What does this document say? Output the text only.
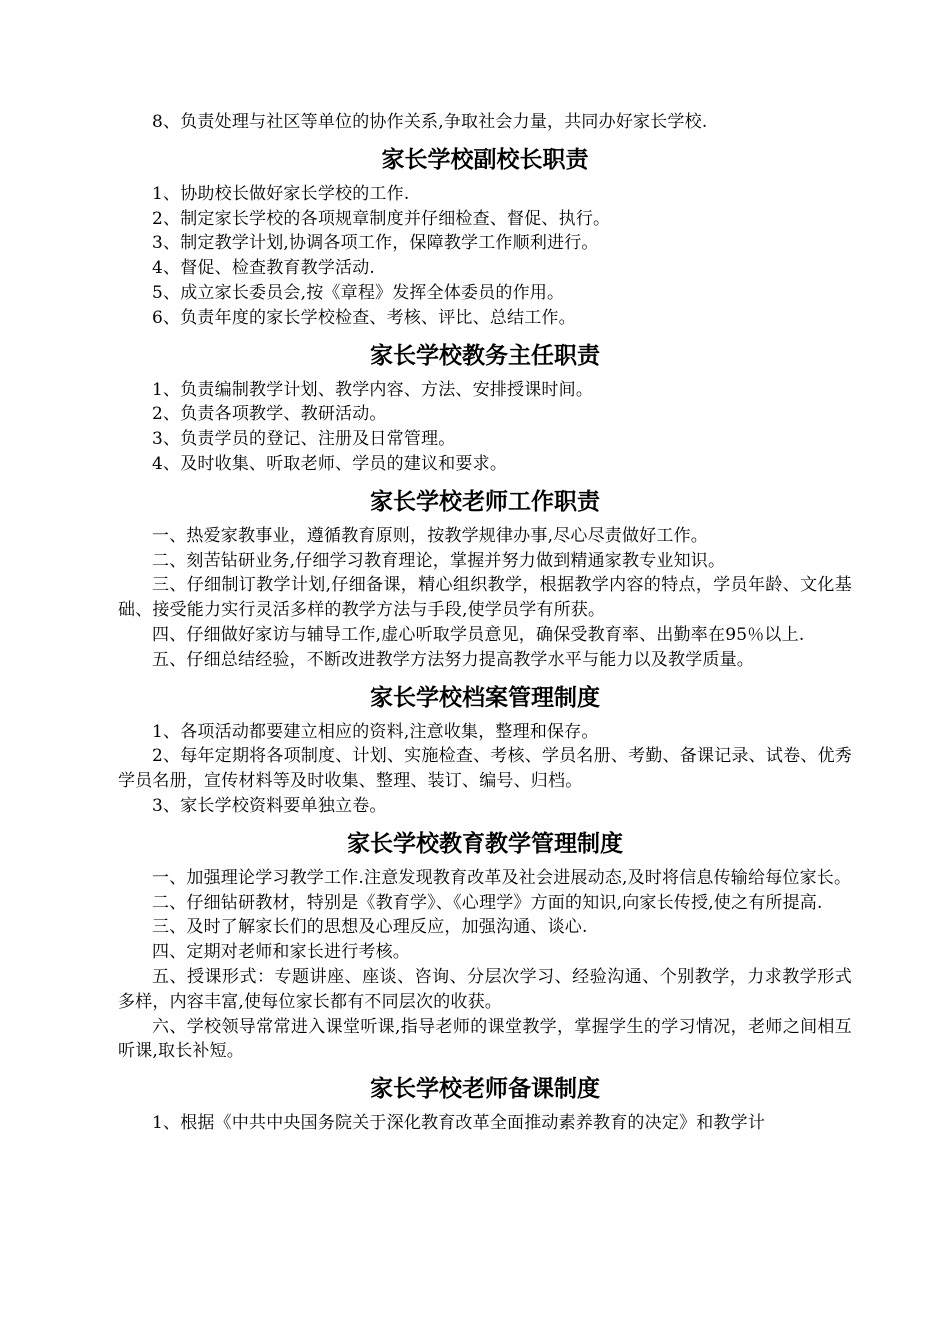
8、负责处理与社区等单位的协作关系,争取社会力量，共同办好家长学校.

家长学校副校长职责

1、协助校长做好家长学校的工作.

2、制定家长学校的各项规章制度并仔细检查、督促、执行。

3、制定教学计划,协调各项工作，保障教学工作顺利进行。

4、督促、检查教育教学活动.

5、成立家长委员会,按《章程》发挥全体委员的作用。

6、负责年度的家长学校检查、考核、评比、总结工作。

家长学校教务主任职责

1、负责编制教学计划、教学内容、方法、安排授课时间。

2、负责各项教学、教研活动。

3、负责学员的登记、注册及日常管理。

4、及时收集、听取老师、学员的建议和要求。

家长学校老师工作职责

一、热爱家教事业，遵循教育原则，按教学规律办事,尽心尽责做好工作。

二、刻苦钻研业务,仔细学习教育理论，掌握并努力做到精通家教专业知识。

三、仔细制订教学计划,仔细备课，精心组织教学，根据教学内容的特点，学员年龄、文化基础、接受能力实行灵活多样的教学方法与手段,使学员学有所获。

四、仔细做好家访与辅导工作,虚心听取学员意见，确保受教育率、出勤率在95％以上.

五、仔细总结经验，不断改进教学方法努力提高教学水平与能力以及教学质量。

家长学校档案管理制度

1、各项活动都要建立相应的资料,注意收集，整理和保存。

2、每年定期将各项制度、计划、实施检查、考核、学员名册、考勤、备课记录、试卷、优秀学员名册，宣传材料等及时收集、整理、装订、编号、归档。

3、家长学校资料要单独立卷。

家长学校教育教学管理制度

一、加强理论学习教学工作.注意发现教育改革及社会进展动态,及时将信息传输给每位家长。

二、仔细钻研教材，特别是《教育学》、《心理学》方面的知识,向家长传授,使之有所提高.

三、及时了解家长们的思想及心理反应，加强沟通、谈心.

四、定期对老师和家长进行考核。

五、授课形式：专题讲座、座谈、咨询、分层次学习、经验沟通、个别教学，力求教学形式多样，内容丰富,使每位家长都有不同层次的收获。

六、学校领导常常进入课堂听课,指导老师的课堂教学，掌握学生的学习情况，老师之间相互听课,取长补短。

家长学校老师备课制度

1、根据《中共中央国务院关于深化教育改革全面推动素养教育的决定》和教学计
